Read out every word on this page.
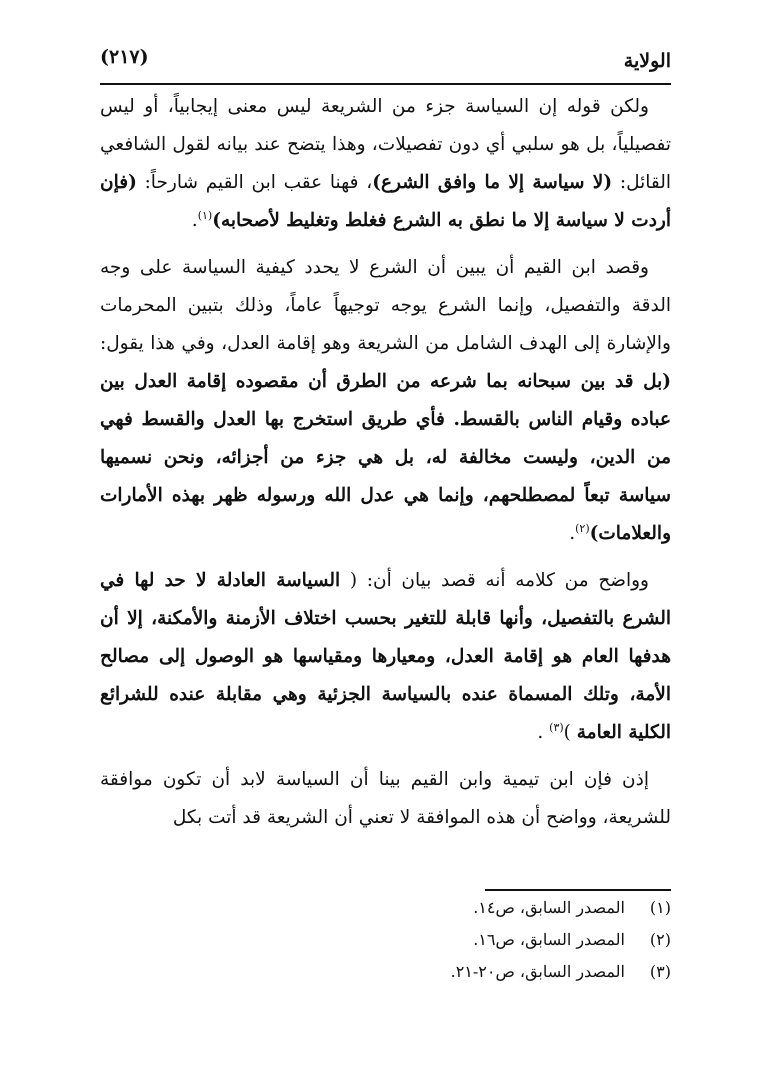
الولاية
(٢١٧)

ولكن قوله إن السياسة جزء من الشريعة ليس معنى إيجابياً، أو ليس تفصيلياً، بل هو سلبي أي دون تفصيلات، وهذا يتضح عند بيانه لقول الشافعي القائل: (لا سياسة إلا ما وافق الشرع)، فهنا عقب ابن القيم شارحاً: (فإن أردت لا سياسة إلا ما نطق به الشرع فغلط وتغليط لأصحابه)$^{(١)}$.

وقصد ابن القيم أن يبين أن الشرع لا يحدد كيفية السياسة على وجه الدقة والتفصيل، وإنما الشرع يوجه توجيهاً عاماً، وذلك بتبين المحرمات والإشارة إلى الهدف الشامل من الشريعة وهو إقامة العدل، وفي هذا يقول: (بل قد بين سبحانه بما شرعه من الطرق أن مقصوده إقامة العدل بين عباده وقيام الناس بالقسط. فأي طريق استخرج بها العدل والقسط فهي من الدين، وليست مخالفة له، بل هي جزء من أجزائه، ونحن نسميها سياسة تبعاً لمصطلحهم، وإنما هي عدل الله ورسوله ظهر بهذه الأمارات والعلامات)$^{(٢)}$.

وواضح من كلامه أنه قصد بيان أن: ( السياسة العادلة لا حد لها في الشرع بالتفصيل، وأنها قابلة للتغير بحسب اختلاف الأزمنة والأمكنة، إلا أن هدفها العام هو إقامة العدل، ومعيارها ومقياسها هو الوصول إلى مصالح الأمة، وتلك المسماة عنده بالسياسة الجزئية وهي مقابلة عنده للشرائع الكلية العامة )$^{(٣)}$ .

إذن فإن ابن تيمية وابن القيم بينا أن السياسة لابد أن تكون موافقة للشريعة، وواضح أن هذه الموافقة لا تعني أن الشريعة قد أتت بكل

(١)المصدر السابق، ص١٤.

(٢)المصدر السابق، ص١٦.

(٣)المصدر السابق، ص٢٠-٢١.
